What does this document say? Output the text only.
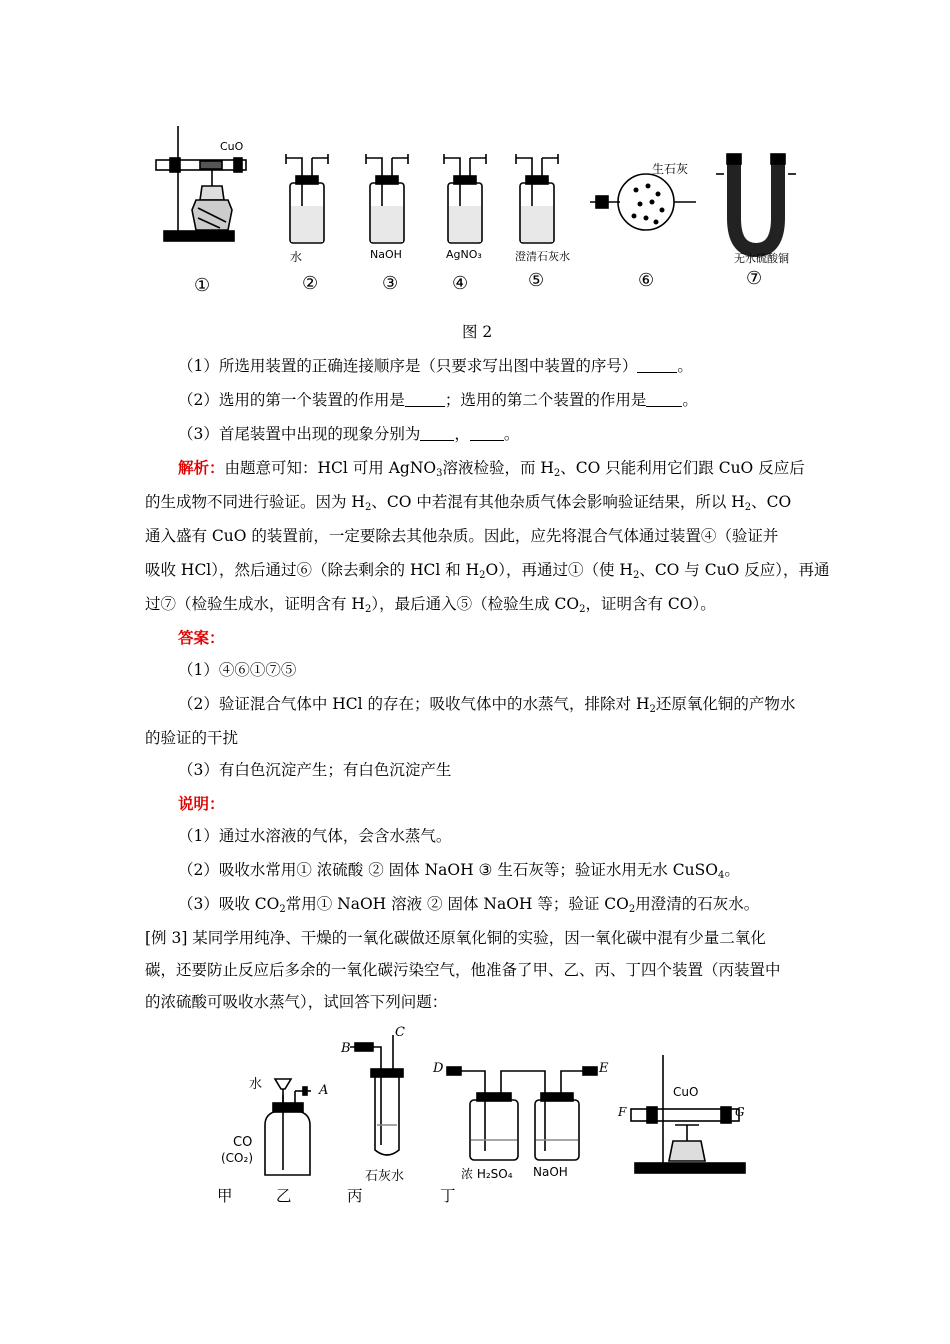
CuO
水	NaOH	AgNO₃	澄清石灰水
生石灰
无水硫酸铜
①	②	③	④	⑤	⑥	⑦
图 2
（1）所选用装置的正确连接顺序是（只要求写出图中装置的序号）	。
（2）选用的第一个装置的作用是	；选用的第二个装置的作用是 。
（3）首尾装置中出现的现象分别为 ， 。
解析：由题意可知：HCl 可用 AgNO$_3$溶液检验，而 $H_2$、CO 只能利用它们跟 CuO 反应后
的生成物不同进行验证。因为 $H_2$、CO 中若混有其他杂质气体会影响验证结果，所以 $H_2$、CO
通入盛有 CuO 的装置前，一定要除去其他杂质。因此，应先将混合气体通过装置④（验证并
吸收 HCl），然后通过⑥（除去剩余的 HCl 和 $H_2O$），再通过①（使 $H_2$、CO 与 CuO 反应），再通
过⑦（检验生成水，证明含有 $H_2$），最后通入⑤（检验生成 $CO_2$，证明含有 CO）。
答案：
（1）④⑥①⑦⑤
（2）验证混合气体中 HCl 的存在；吸收气体中的水蒸气，排除对 $H_2$还原氧化铜的产物水
的验证的干扰
（3）有白色沉淀产生；有白色沉淀产生
说明：
（1）通过水溶液的气体，会含水蒸气。
（2）吸收水常用① 浓硫酸 ② 固体 NaOH ③ 生石灰等；验证水用无水 CuSO$_4$。
（3）吸收 $CO_2$常用① NaOH 溶液 ② 固体 NaOH 等；验证 $CO_2$用澄清的石灰水。
[例 3] 某同学用纯净、干燥的一氧化碳做还原氧化铜的实验，因一氧化碳中混有少量二氧化
碳，还要防止反应后多余的一氧化碳污染空气，他准备了甲、乙、丙、丁四个装置（丙装置中
的浓硫酸可吸收水蒸气），试回答下列问题：
水	A
B
C
D	E
F	G
CO
(CO₂)
石灰水	浓 H₂SO₄ NaOH
CuO
甲	乙	丙	丁
